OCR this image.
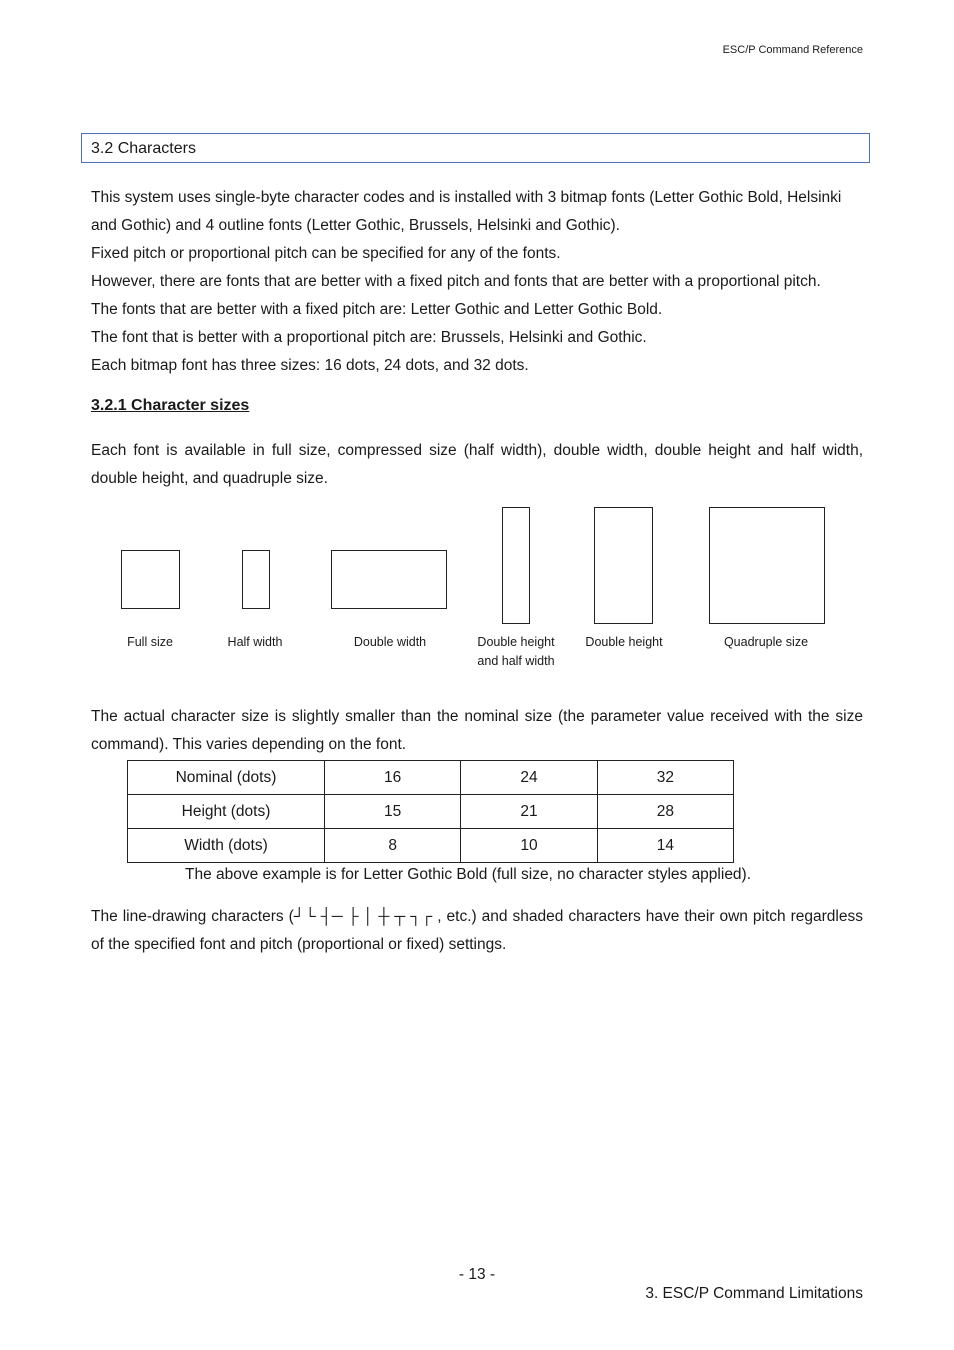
ESC/P Command Reference
3.2 Characters

This system uses single-byte character codes and is installed with 3 bitmap fonts (Letter Gothic Bold, Helsinki and Gothic) and 4 outline fonts (Letter Gothic, Brussels, Helsinki and Gothic).

Fixed pitch or proportional pitch can be specified for any of the fonts.

However, there are fonts that are better with a fixed pitch and fonts that are better with a proportional pitch.

The fonts that are better with a fixed pitch are: Letter Gothic and Letter Gothic Bold.

The font that is better with a proportional pitch are: Brussels, Helsinki and Gothic.

Each bitmap font has three sizes: 16 dots, 24 dots, and 32 dots.

3.2.1 Character sizes

Each font is available in full size, compressed size (half width), double width, double height and half width, double height, and quadruple size.

Full size	Half width	Double width	Double height
and half width
Double height	Quadruple size

The actual character size is slightly smaller than the nominal size (the parameter value received with the size command). This varies depending on the font.

Nominal (dots)	16	24	32
Height (dots)	15	21	28
Width (dots)	8	10	14
The above example is for Letter Gothic Bold (full size, no character styles applied).

The line-drawing characters (┘└ ┤─ ├ │ ┼ ┬ ┐┌ , etc.) and shaded characters have their own pitch regardless of the specified font and pitch (proportional or fixed) settings.

- 13 -
3. ESC/P Command Limitations
